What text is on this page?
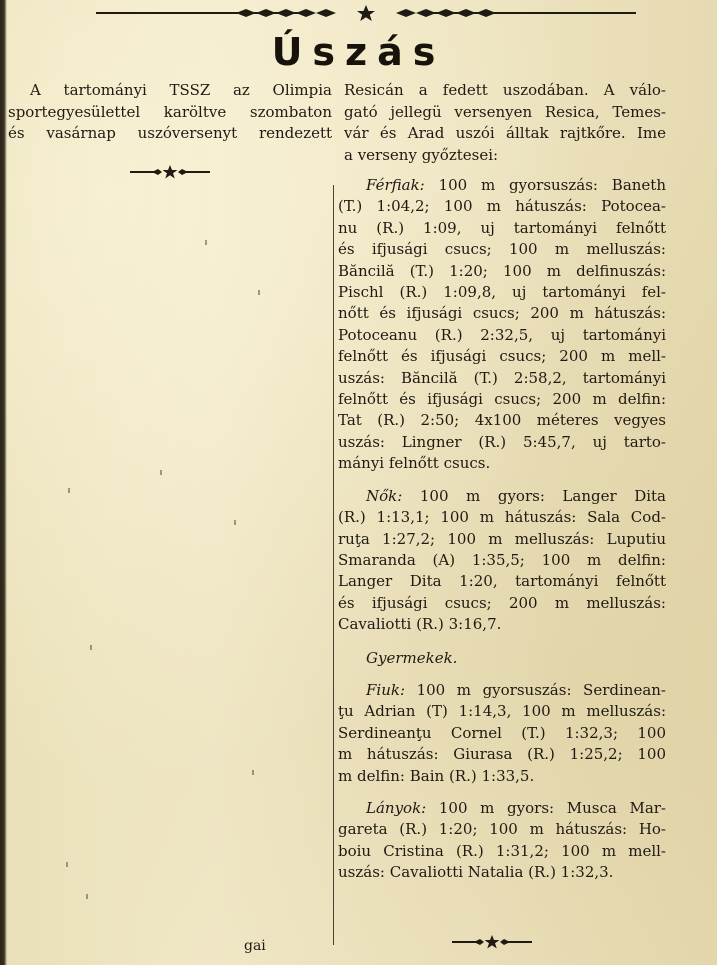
Úszás
A tartományi TSSZ az Olimpia
sportegyesülettel karöltve szombaton
és vasárnap uszóversenyt rendezett
Resicán a fedett uszodában. A válo-
gató jellegü versenyen Resica, Temes-
vár és Arad uszói álltak rajtkőre. Ime
a verseny győztesei:
Férfiak: 100 m gyorsuszás: Baneth
(T.) 1:04,2; 100 m hátuszás: Potocea-
nu (R.) 1:09, uj tartományi felnőtt
és ifjusági csucs; 100 m melluszás:
Băncilă (T.) 1:20; 100 m delfinuszás:
Pischl (R.) 1:09,8, uj tartományi fel-
nőtt és ifjusági csucs; 200 m hátuszás:
Potoceanu (R.) 2:32,5, uj tartományi
felnőtt és ifjusági csucs; 200 m mell-
uszás: Băncilă (T.) 2:58,2, tartományi
felnőtt és ifjusági csucs; 200 m delfin:
Tat (R.) 2:50; 4x100 méteres vegyes
uszás: Lingner (R.) 5:45,7, uj tarto-
mányi felnőtt csucs.
Nők: 100 m gyors: Langer Dita
(R.) 1:13,1; 100 m hátuszás: Sala Cod-
ruţa 1:27,2; 100 m melluszás: Luputiu
Smaranda (A) 1:35,5; 100 m delfin:
Langer Dita 1:20, tartományi felnőtt
és ifjusági csucs; 200 m melluszás:
Cavaliotti (R.) 3:16,7.

Gyermekek.

Fiuk: 100 m gyorsuszás: Serdinean-
ţu Adrian (T) 1:14,3, 100 m melluszás:
Serdineanţu Cornel (T.) 1:32,3; 100
m hátuszás: Giurasa (R.) 1:25,2; 100
m delfin: Bain (R.) 1:33,5.
Lányok: 100 m gyors: Musca Mar-
gareta (R.) 1:20; 100 m hátuszás: Ho-
boiu Cristina (R.) 1:31,2; 100 m mell-
uszás: Cavaliotti Natalia (R.) 1:32,3.
gai
